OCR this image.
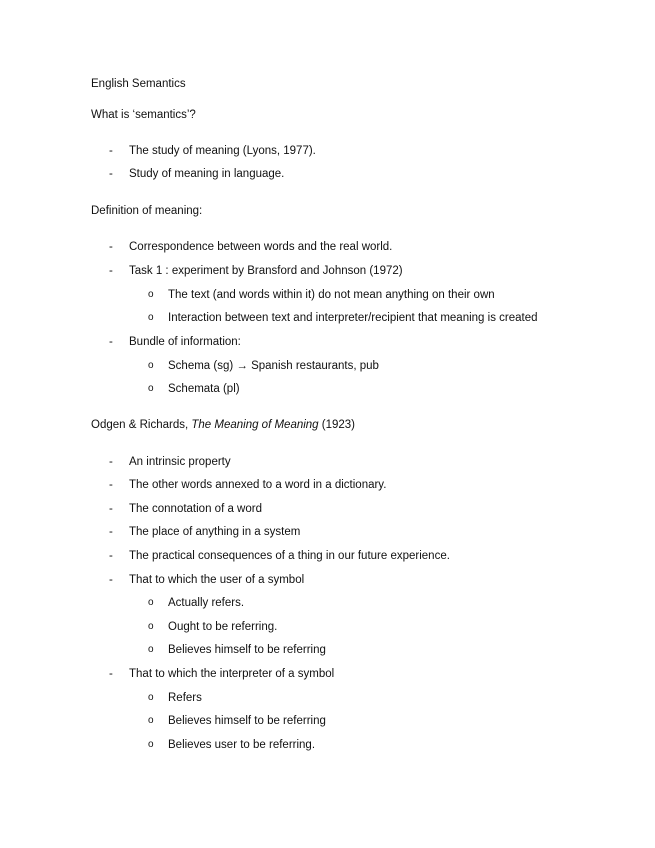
English Semantics
What is ‘semantics’?
- The study of meaning (Lyons, 1977).
- Study of meaning in language.
Definition of meaning:
- Correspondence between words and the real world.
- Task 1 : experiment by Bransford and Johnson (1972)
o The text (and words within it) do not mean anything on their own
o Interaction between text and interpreter/recipient that meaning is created
- Bundle of information:
o Schema (sg) → Spanish restaurants, pub
o Schemata (pl)
Odgen & Richards, The Meaning of Meaning (1923)
- An intrinsic property
- The other words annexed to a word in a dictionary.
- The connotation of a word
- The place of anything in a system
- The practical consequences of a thing in our future experience.
- That to which the user of a symbol
o Actually refers.
o Ought to be referring.
o Believes himself to be referring
- That to which the interpreter of a symbol
o Refers
o Believes himself to be referring
o Believes user to be referring.
